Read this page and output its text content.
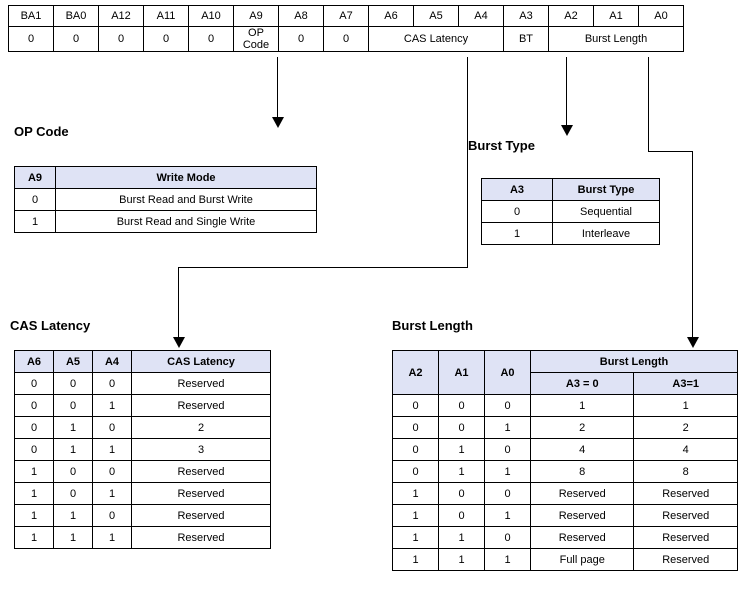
BA1	BA0	A12	A11	A10	A9	A8	A7	A6	A5	A4	A3	A2	A1	A0
0	0	0	0	0	OP Code	0	0	CAS Latency			BT	Burst Length		
OP Code
A9	Write Mode
0	Burst Read and Burst Write
1	Burst Read and Single Write
Burst Type
A3	Burst Type
0	Sequential
1	Interleave
CAS Latency
A6	A5	A4	CAS Latency
0	0	0	Reserved
0	0	1	Reserved
0	1	0	2
0	1	1	3
1	0	0	Reserved
1	0	1	Reserved
1	1	0	Reserved
1	1	1	Reserved
Burst Length
A2	A1	A0	Burst Length	
			A3 = 0	A3=1
0	0	0	1	1
0	0	1	2	2
0	1	0	4	4
0	1	1	8	8
1	0	0	Reserved	Reserved
1	0	1	Reserved	Reserved
1	1	0	Reserved	Reserved
1	1	1	Full page	Reserved
